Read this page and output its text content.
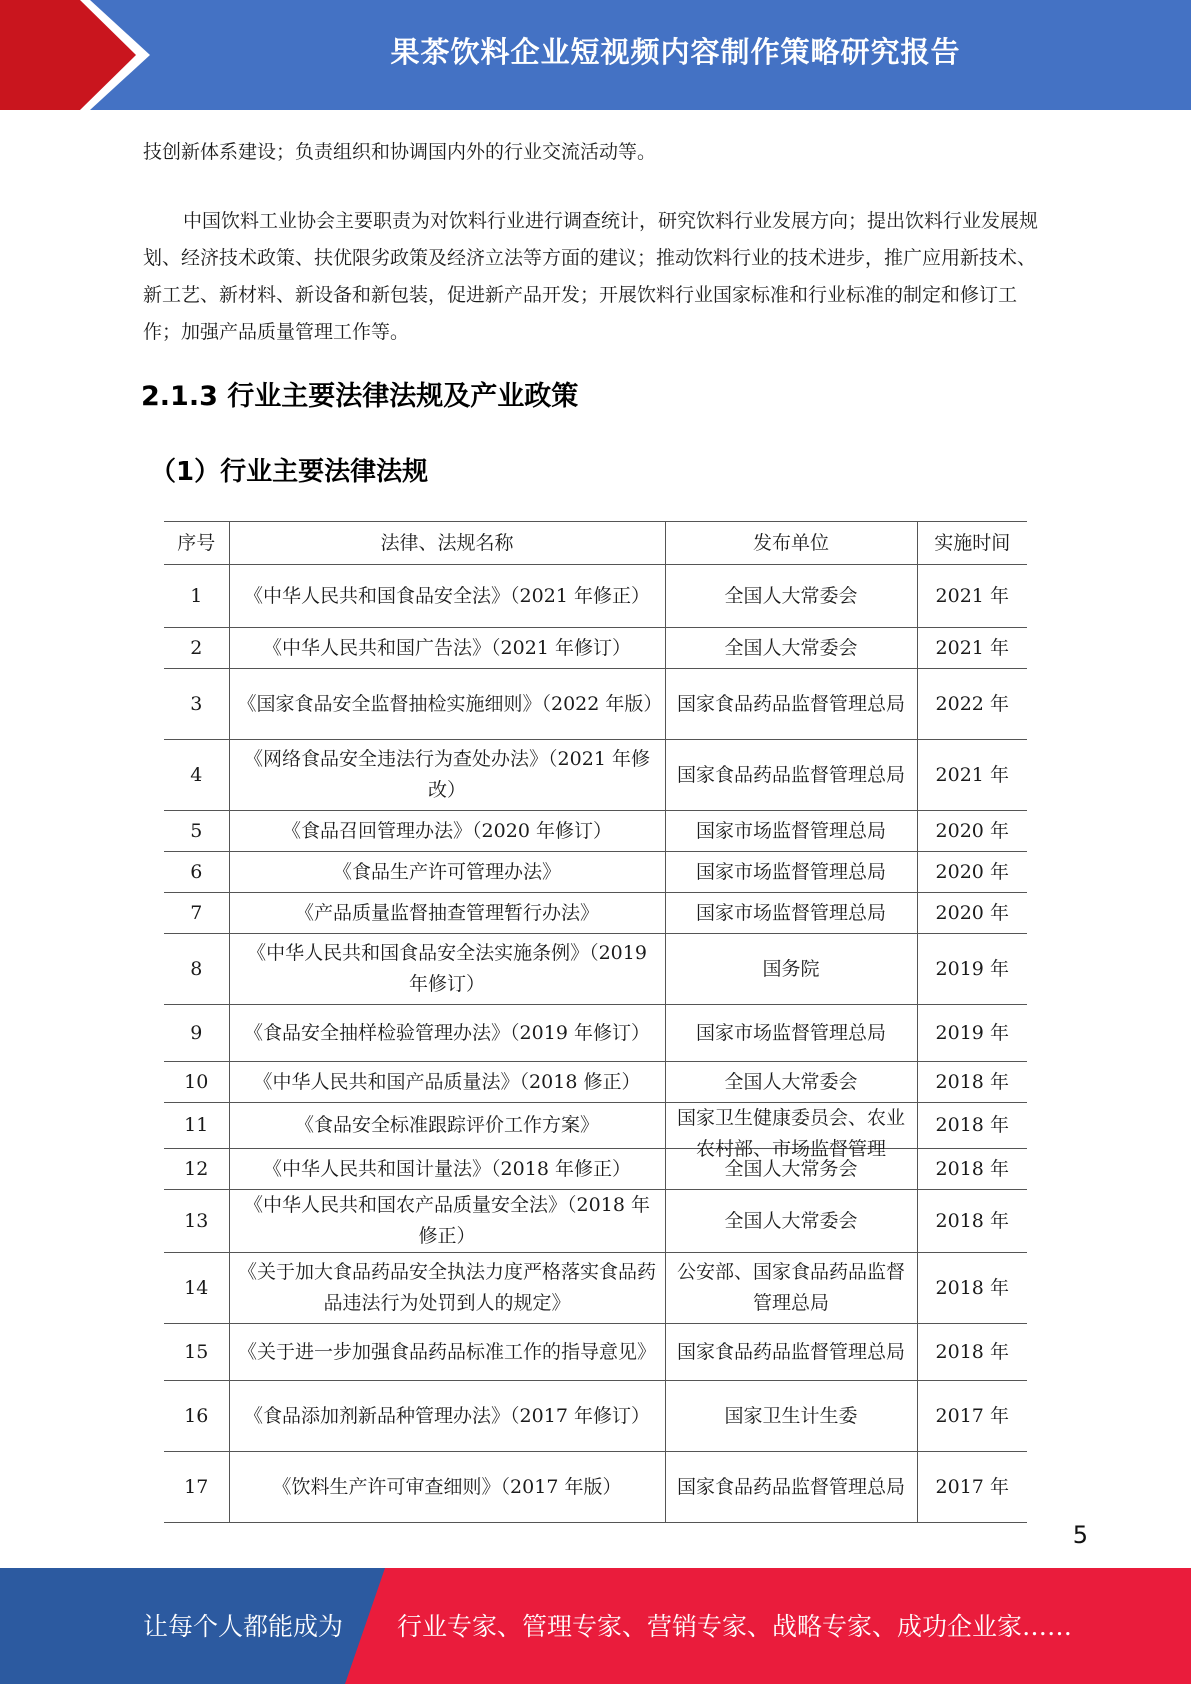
果茶饮料企业短视频内容制作策略研究报告

技创新体系建设；负责组织和协调国内外的行业交流活动等。

中国饮料工业协会主要职责为对饮料行业进行调查统计，研究饮料行业发展方向；提出饮料行业发展规划、经济技术政策、扶优限劣政策及经济立法等方面的建议；推动饮料行业的技术进步，推广应用新技术、新工艺、新材料、新设备和新包装，促进新产品开发；开展饮料行业国家标准和行业标准的制定和修订工作；加强产品质量管理工作等。

2.1.3 行业主要法律法规及产业政策
（1）行业主要法律法规
序号	法律、法规名称	发布单位	实施时间
1	《中华人民共和国食品安全法》（2021 年修正）	全国人大常委会	2021 年
2	《中华人民共和国广告法》（2021 年修订）	全国人大常委会	2021 年
3	《国家食品安全监督抽检实施细则》（2022 年版）	国家食品药品监督管理总局	2022 年
4	《网络食品安全违法行为查处办法》（2021 年修改）	国家食品药品监督管理总局	2021 年
5	《食品召回管理办法》（2020 年修订）	国家市场监督管理总局	2020 年
6	《食品生产许可管理办法》	国家市场监督管理总局	2020 年
7	《产品质量监督抽查管理暂行办法》	国家市场监督管理总局	2020 年
8	《中华人民共和国食品安全法实施条例》（2019 年修订）	国务院	2019 年
9	《食品安全抽样检验管理办法》（2019 年修订）	国家市场监督管理总局	2019 年
10	《中华人民共和国产品质量法》（2018 修正）	全国人大常委会	2018 年
11	《食品安全标准跟踪评价工作方案》	国家卫生健康委员会、农业农村部、市场监督管理	2018 年
12	《中华人民共和国计量法》（2018 年修正）	全国人大常务会	2018 年
13	《中华人民共和国农产品质量安全法》（2018 年修正）	全国人大常委会	2018 年
14	《关于加大食品药品安全执法力度严格落实食品药品违法行为处罚到人的规定》	公安部、国家食品药品监督管理总局	2018 年
15	《关于进一步加强食品药品标准工作的指导意见》	国家食品药品监督管理总局	2018 年
16	《食品添加剂新品种管理办法》（2017 年修订）	国家卫生计生委	2017 年
17	《饮料生产许可审查细则》（2017 年版）	国家食品药品监督管理总局	2017 年
5
让每个人都能成为 行业专家、管理专家、营销专家、战略专家、成功企业家……
